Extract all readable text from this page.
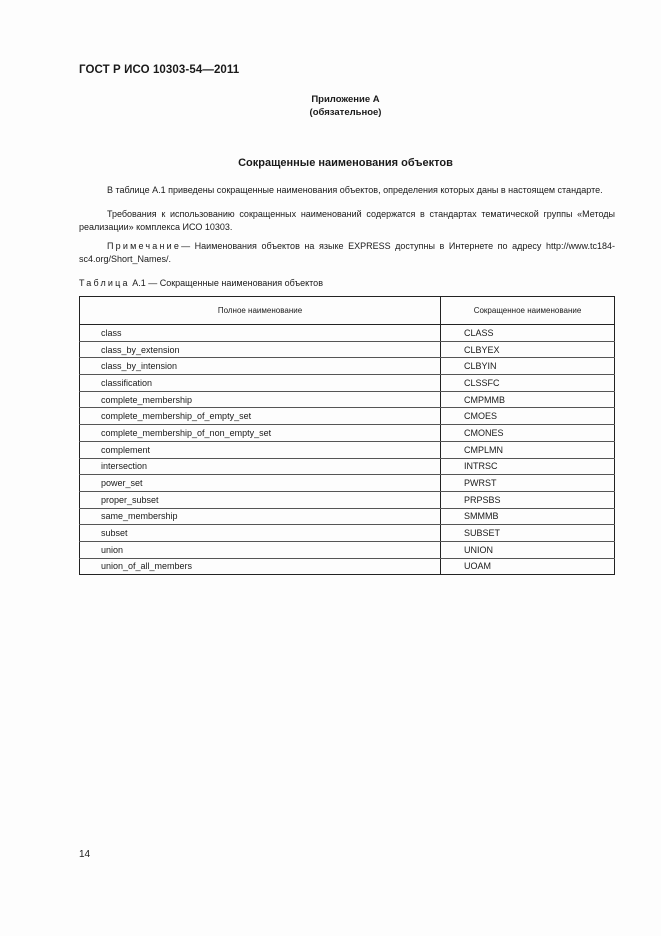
ГОСТ Р ИСО 10303-54—2011
Приложение А
(обязательное)
Сокращенные наименования объектов
В таблице А.1 приведены сокращенные наименования объектов, определения которых даны в настоящем стандарте.
Требования к использованию сокращенных наименований содержатся в стандартах тематической группы «Методы реализации» комплекса ИСО 10303.
Примечание— Наименования объектов на языке EXPRESS доступны в Интернете по адресу http://www.tc184-sc4.org/Short_Names/.
Таблица А.1 — Сокращенные наименования объектов
Полное наименование	Сокращенное наименование
class	CLASS
class_by_extension	CLBYEX
class_by_intension	CLBYIN
classification	CLSSFC
complete_membership	CMPMMB
complete_membership_of_empty_set	CMOES
complete_membership_of_non_empty_set	CMONES
complement	CMPLMN
intersection	INTRSC
power_set	PWRST
proper_subset	PRPSBS
same_membership	SMMMB
subset	SUBSET
union	UNION
union_of_all_members	UOAM
14
